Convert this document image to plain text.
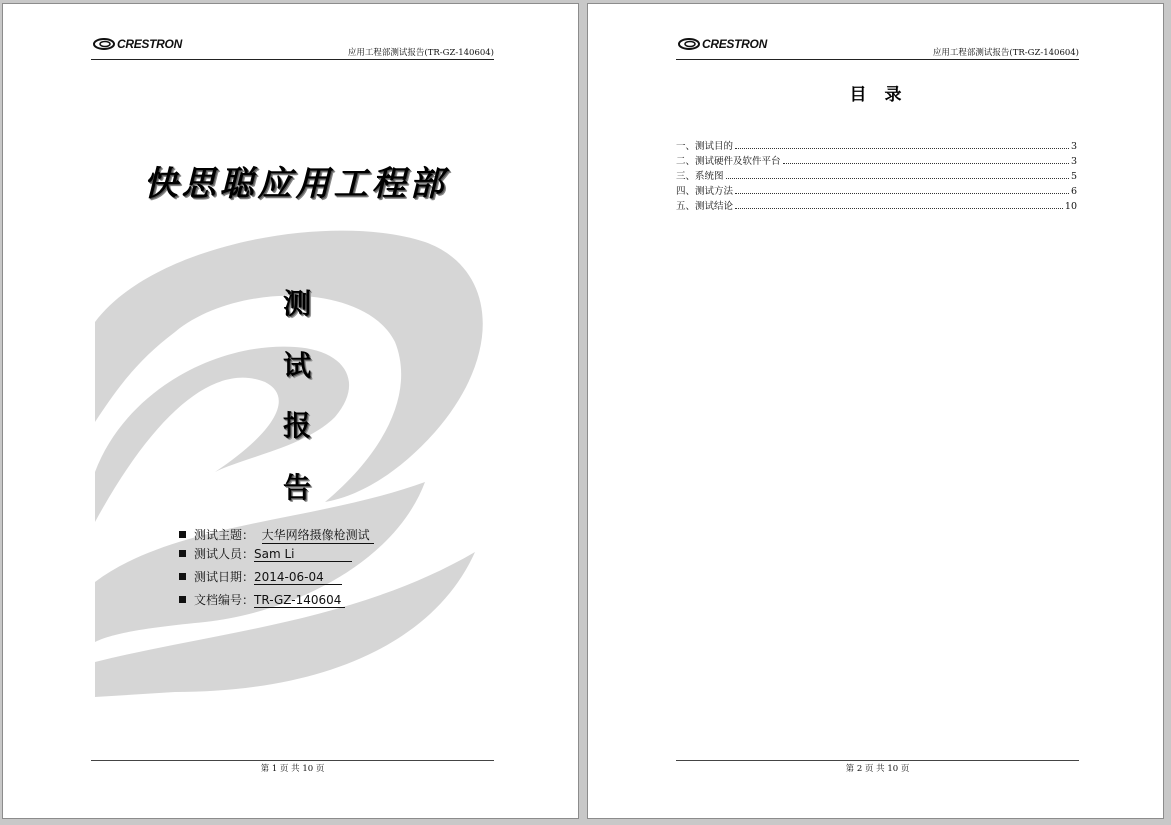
CRESTRON
应用工程部测试报告(TR-GZ-140604)
快思聪应用工程部
测
试
报
告
测试主题： 大华网络摄像枪测试
测试人员：Sam Li
测试日期：2014-06-04
文档编号：TR-GZ-140604
第 1 页 共 10 页
CRESTRON
应用工程部测试报告(TR-GZ-140604)
目录
一、测试目的	3
二、测试硬件及软件平台	3
三、系统图	5
四、测试方法	6
五、测试结论	10
第 2 页 共 10 页
